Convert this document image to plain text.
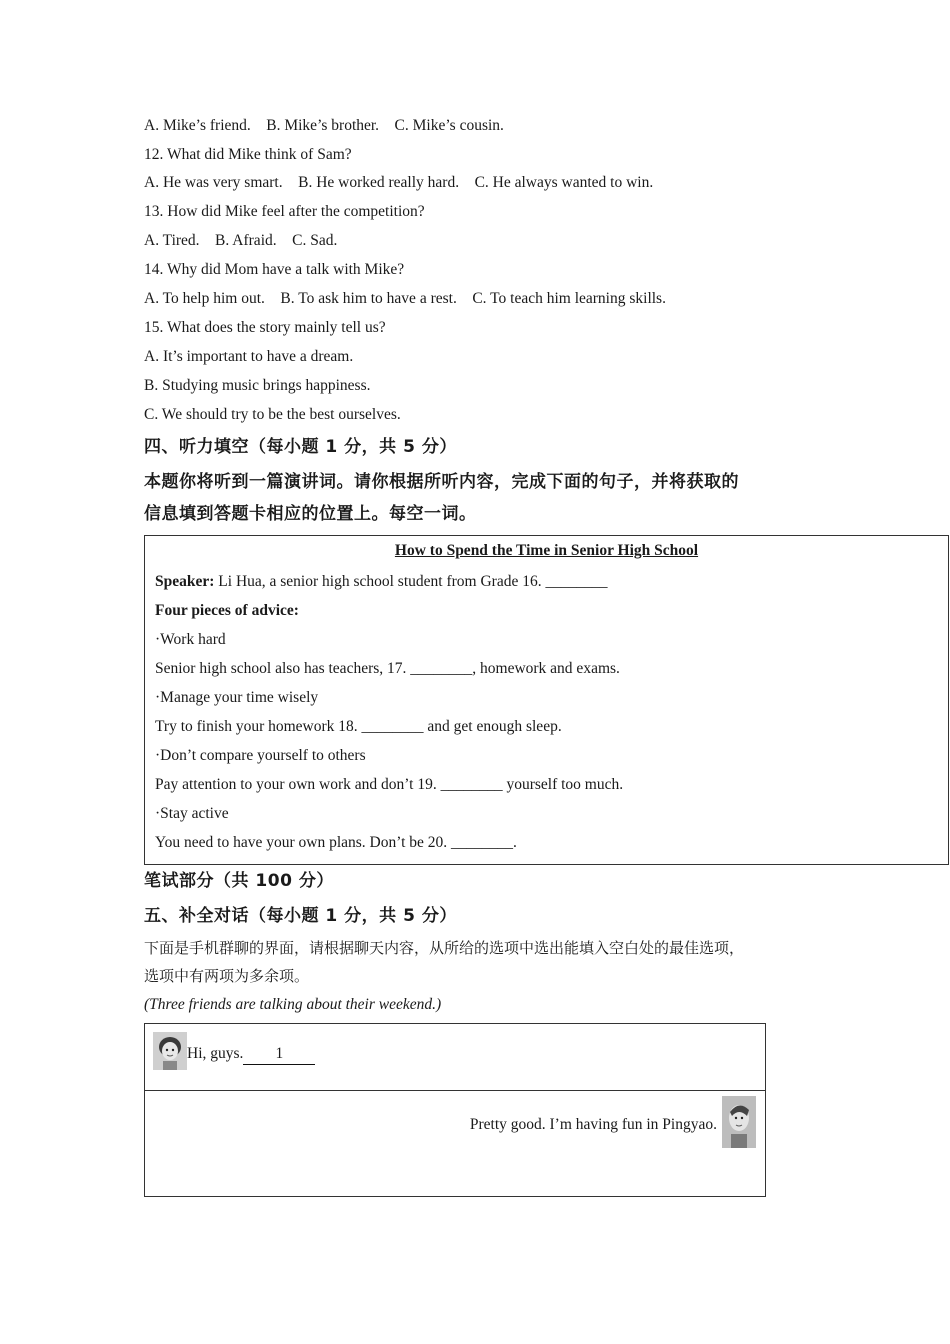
A. Mike’s friend.    B. Mike’s brother.    C. Mike’s cousin.
12. What did Mike think of Sam?
A. He was very smart.    B. He worked really hard.    C. He always wanted to win.
13. How did Mike feel after the competition?
A. Tired.    B. Afraid.    C. Sad.
14. Why did Mom have a talk with Mike?
A. To help him out.    B. To ask him to have a rest.    C. To teach him learning skills.
15. What does the story mainly tell us?
A. It’s important to have a dream.
B. Studying music brings happiness.
C. We should try to be the best ourselves.
四、听力填空（每小题 1 分，共 5 分）
本题你将听到一篇演讲词。请你根据所听内容，完成下面的句子，并将获取的
信息填到答题卡相应的位置上。每空一词。
How to Spend the Time in Senior High School
Speaker: Li Hua, a senior high school student from Grade 16. ________
Four pieces of advice:
·Work hard
Senior high school also has teachers, 17. ________, homework and exams.
·Manage your time wisely
Try to finish your homework 18. ________ and get enough sleep.
·Don’t compare yourself to others
Pay attention to your own work and don’t 19. ________ yourself too much.
·Stay active
You need to have your own plans. Don’t be 20. ________.
笔试部分（共 100 分）
五、补全对话（每小题 1 分，共 5 分）
下面是手机群聊的界面，请根据聊天内容，从所给的选项中选出能填入空白处的最佳选项，
选项中有两项为多余项。
(Three friends are talking about their weekend.)
Hi, guys. 1
Pretty good. I’m having fun in Pingyao.
